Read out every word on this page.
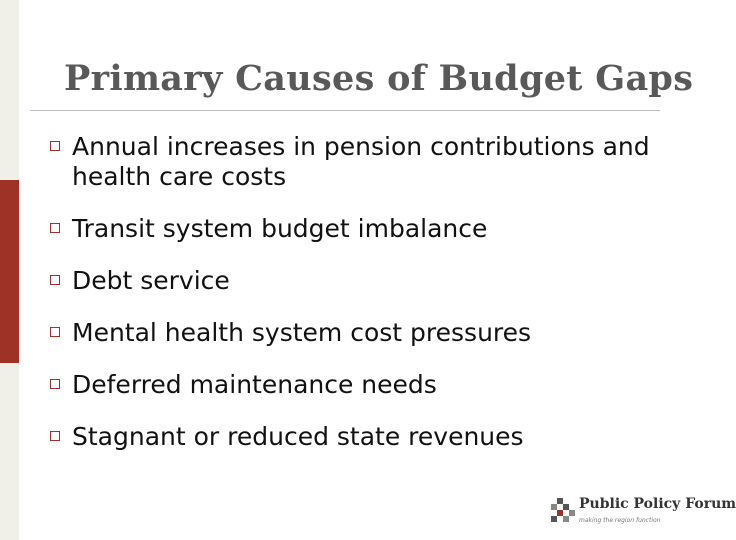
Primary Causes of Budget Gaps
Annual increases in pension contributions and health care costs
Transit system budget imbalance
Debt service
Mental health system cost pressures
Deferred maintenance needs
Stagnant or reduced state revenues
Public Policy Forum
making the region function
